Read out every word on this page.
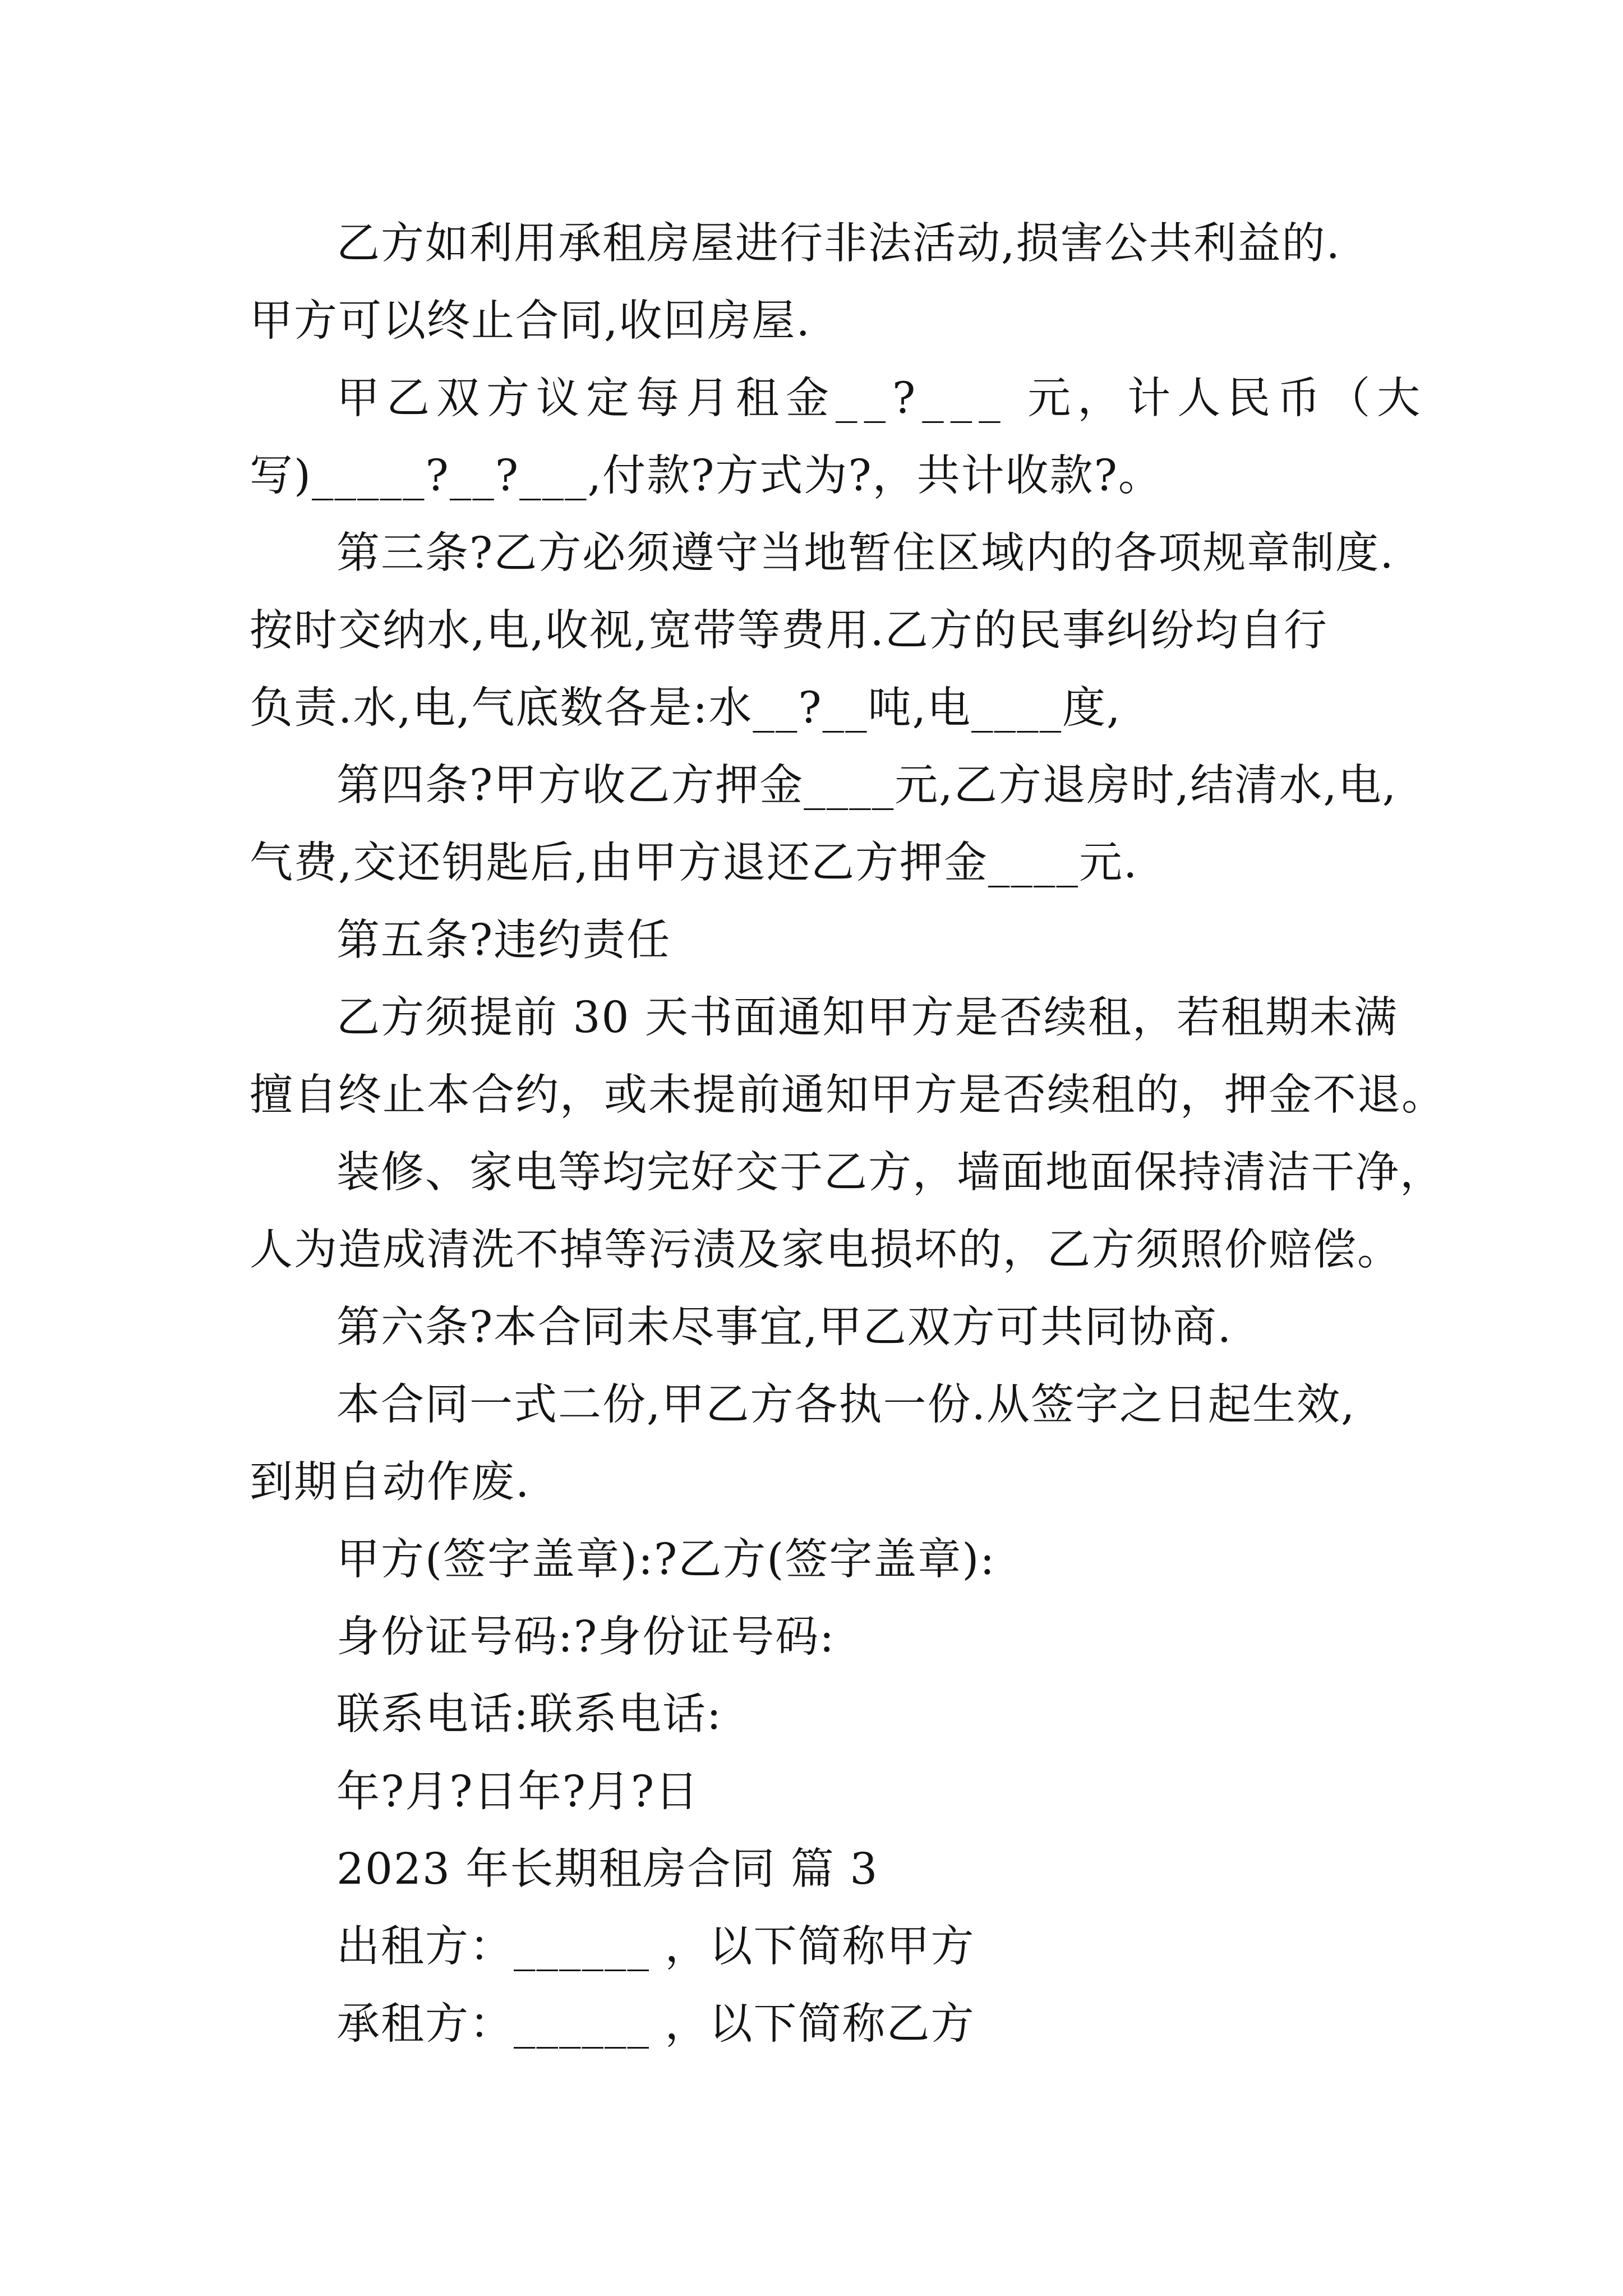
乙方如利用承租房屋进行非法活动,损害公共利益的.
甲方可以终止合同,收回房屋.
甲乙双方议定每月租金__?___ 元，计人民币（大
写)_____?__?___,付款?方式为?，共计收款?。
第三条?乙方必须遵守当地暂住区域内的各项规章制度.
按时交纳水,电,收视,宽带等费用.乙方的民事纠纷均自行
负责.水,电,气底数各是:水__?__吨,电____度,
第四条?甲方收乙方押金____元,乙方退房时,结清水,电,
气费,交还钥匙后,由甲方退还乙方押金____元.
第五条?违约责任
乙方须提前 30 天书面通知甲方是否续租，若租期未满
擅自终止本合约，或未提前通知甲方是否续租的，押金不退。
装修、家电等均完好交于乙方，墙面地面保持清洁干净，
人为造成清洗不掉等污渍及家电损坏的，乙方须照价赔偿。
第六条?本合同未尽事宜,甲乙双方可共同协商.
本合同一式二份,甲乙方各执一份.从签字之日起生效,
到期自动作废.
甲方(签字盖章):?乙方(签字盖章):
身份证号码:?身份证号码:
联系电话:联系电话:
年?月?日年?月?日
2023 年长期租房合同 篇 3
出租方：______ ，以下简称甲方
承租方：______ ，以下简称乙方
